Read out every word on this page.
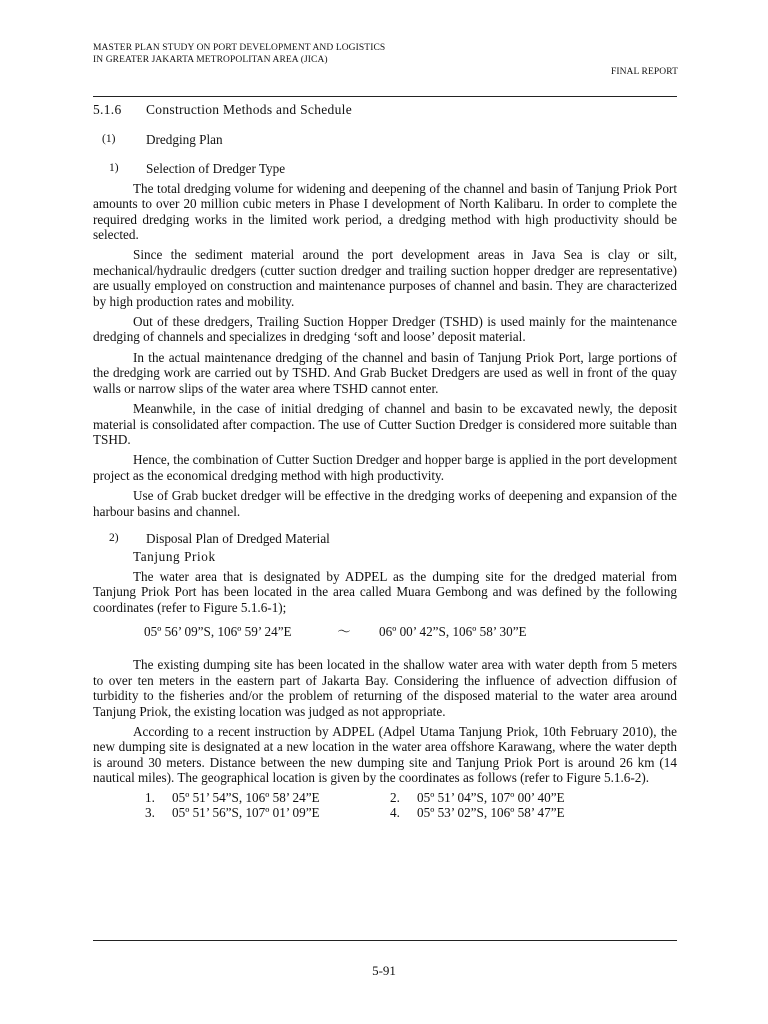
MASTER PLAN STUDY ON PORT DEVELOPMENT AND LOGISTICS
IN GREATER JAKARTA METROPOLITAN AREA (JICA)
FINAL REPORT
5.1.6	Construction Methods and Schedule
(1)	Dredging Plan
1)	Selection of Dredger Type

The total dredging volume for widening and deepening of the channel and basin of Tanjung Priok Port amounts to over 20 million cubic meters in Phase I development of North Kalibaru. In order to complete the required dredging works in the limited work period, a dredging method with high productivity should be selected.

Since the sediment material around the port development areas in Java Sea is clay or silt, mechanical/hydraulic dredgers (cutter suction dredger and trailing suction hopper dredger are representative) are usually employed on construction and maintenance purposes of channel and basin. They are characterized by high production rates and mobility.

Out of these dredgers, Trailing Suction Hopper Dredger (TSHD) is used mainly for the maintenance dredging of channels and specializes in dredging ‘soft and loose’ deposit material.

In the actual maintenance dredging of the channel and basin of Tanjung Priok Port, large portions of the dredging work are carried out by TSHD. And Grab Bucket Dredgers are used as well in front of the quay walls or narrow slips of the water area where TSHD cannot enter.

Meanwhile, in the case of initial dredging of channel and basin to be excavated newly, the deposit material is consolidated after compaction. The use of Cutter Suction Dredger is considered more suitable than TSHD.

Hence, the combination of Cutter Suction Dredger and hopper barge is applied in the port development project as the economical dredging method with high productivity.

Use of Grab bucket dredger will be effective in the dredging works of deepening and expansion of the harbour basins and channel.

2)	Disposal Plan of Dredged Material
Tanjung Priok

The water area that is designated by ADPEL as the dumping site for the dredged material from Tanjung Priok Port has been located in the area called Muara Gembong and was defined by the following coordinates (refer to Figure 5.1.6-1);

05º 56’ 09”S, 106º 59’ 24”E	～	06º 00’ 42”S, 106º 58’ 30”E

The existing dumping site has been located in the shallow water area with water depth from 5 meters to over ten meters in the eastern part of Jakarta Bay. Considering the influence of advection diffusion of turbidity to the fisheries and/or the problem of returning of the disposed material to the water area around Tanjung Priok, the existing location was judged as not appropriate.

According to a recent instruction by ADPEL (Adpel Utama Tanjung Priok, 10th February 2010), the new dumping site is designated at a new location in the water area offshore Karawang, where the water depth is around 30 meters. Distance between the new dumping site and Tanjung Priok Port is around 26 km (14 nautical miles). The geographical location is given by the coordinates as follows (refer to Figure 5.1.6-2).

1.	05º 51’ 54”S, 106º 58’ 24”E	2.	05º 51’ 04”S, 107º 00’ 40”E
3.	05º 51’ 56”S, 107º 01’ 09”E	4.	05º 53’ 02”S, 106º 58’ 47”E
5-91
